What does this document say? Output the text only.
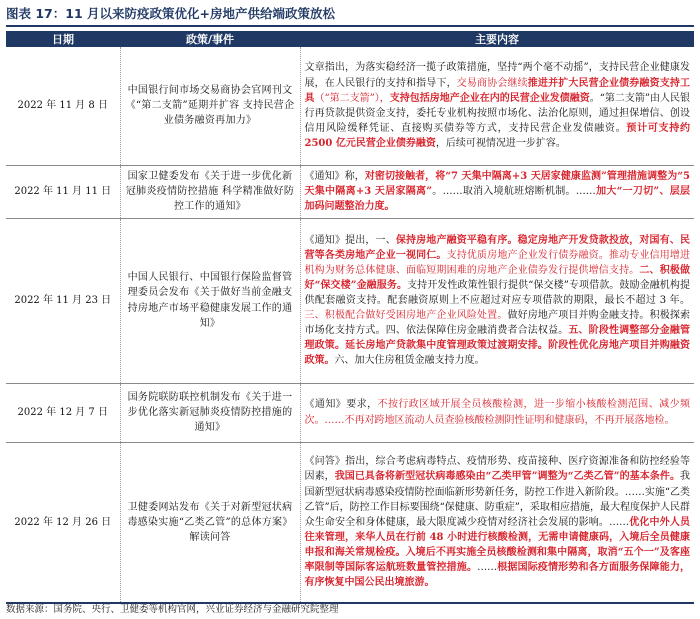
图表 17：11 月以来防疫政策优化+房地产供给端政策放松
日期	政策/事件	主要内容
2022 年 11 月 8 日	中国银行间市场交易商协会官网刊文《“第二支箭”延期并扩容 支持民营企业债务融资再加力》	文章指出，为落实稳经济一揽子政策措施，坚持“两个毫不动摇”，支持民营企业健康发展，在人民银行的支持和指导下，交易商协会继续推进并扩大民营企业债券融资支持工具（“第二支箭”），支持包括房地产企业在内的民营企业发债融资。“第二支箭”由人民银行再贷款提供资金支持，委托专业机构按照市场化、法治化原则，通过担保增信、创设信用风险缓释凭证、直接购买债券等方式，支持民营企业发债融资。预计可支持约 2500 亿元民营企业债券融资，后续可视情况进一步扩容。
2022 年 11 月 11 日	国家卫健委发布《关于进一步优化新冠肺炎疫情防控措施 科学精准做好防控工作的通知》	《通知》称，对密切接触者，将“7 天集中隔离+3 天居家健康监测”管理措施调整为“5 天集中隔离+3 天居家隔离”。……取消入境航班熔断机制。……加大“一刀切”、层层加码问题整治力度。
2022 年 11 月 23 日	中国人民银行、中国银行保险监督管理委员会发布《关于做好当前金融支持房地产市场平稳健康发展工作的通知》	《通知》提出，一、保持房地产融资平稳有序。稳定房地产开发贷款投放，对国有、民营等各类房地产企业一视同仁。支持优质房地产企业发行债券融资。推动专业信用增进机构为财务总体健康、面临短期困难的房地产企业债券发行提供增信支持。二、积极做好“保交楼”金融服务。支持开发性政策性银行提供“保交楼”专项借款。鼓励金融机构提供配套融资支持。配套融资原则上不应超过对应专项借款的期限，最长不超过 3 年。三、积极配合做好受困房地产企业风险处置。做好房地产项目并购金融支持。积极探索市场化支持方式。四、依法保障住房金融消费者合法权益。五、阶段性调整部分金融管理政策。延长房地产贷款集中度管理政策过渡期安排。阶段性优化房地产项目并购融资政策。六、加大住房租赁金融支持力度。
2022 年 12 月 7 日	国务院联防联控机制发布《关于进一步优化落实新冠肺炎疫情防控措施的通知》	《通知》要求，不按行政区域开展全员核酸检测，进一步缩小核酸检测范围、减少频次。……不再对跨地区流动人员查验核酸检测阴性证明和健康码，不再开展落地检。
2022 年 12 月 26 日	卫健委网站发布《关于对新型冠状病毒感染实施“乙类乙管”的总体方案》解读问答	《问答》指出，综合考虑病毒特点、疫情形势、疫苗接种、医疗资源准备和防控经验等因素，我国已具备将新型冠状病毒感染由“乙类甲管”调整为“乙类乙管”的基本条件。我国新型冠状病毒感染疫情防控面临新形势新任务，防控工作进入新阶段。……实施“乙类乙管”后，防控工作目标要围绕“保健康、防重症”，采取相应措施，最大程度保护人民群众生命安全和身体健康，最大限度减少疫情对经济社会发展的影响。……优化中外人员往来管理，来华人员在行前 48 小时进行核酸检测，无需申请健康码，入境后全员健康申报和海关常规检疫。入境后不再实施全员核酸检测和集中隔离，取消“五个一”及客座率限制等国际客运航班数量管控措施。……根据国际疫情形势和各方面服务保障能力，有序恢复中国公民出境旅游。
数据来源：国务院、央行、卫健委等机构官网，兴业证券经济与金融研究院整理
